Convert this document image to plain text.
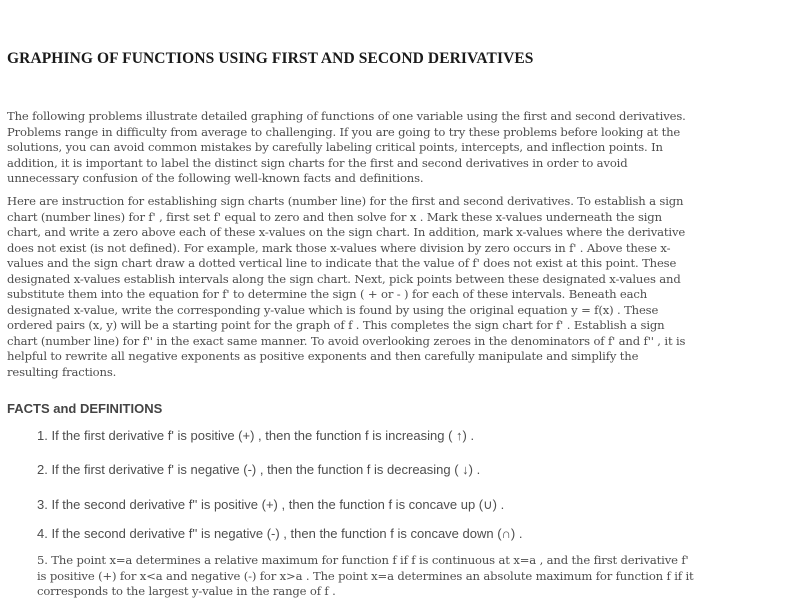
GRAPHING OF FUNCTIONS USING FIRST AND SECOND DERIVATIVES

The following problems illustrate detailed graphing of functions of one variable using the first and second derivatives.
Problems range in difficulty from average to challenging. If you are going to try these problems before looking at the
solutions, you can avoid common mistakes by carefully labeling critical points, intercepts, and inflection points. In
addition, it is important to label the distinct sign charts for the first and second derivatives in order to avoid
unnecessary confusion of the following well-known facts and definitions.

Here are instruction for establishing sign charts (number line) for the first and second derivatives. To establish a sign
chart (number lines) for f' , first set f' equal to zero and then solve for x . Mark these x-values underneath the sign
chart, and write a zero above each of these x-values on the sign chart. In addition, mark x-values where the derivative
does not exist (is not defined). For example, mark those x-values where division by zero occurs in f' . Above these x-
values and the sign chart draw a dotted vertical line to indicate that the value of f' does not exist at this point. These
designated x-values establish intervals along the sign chart. Next, pick points between these designated x-values and
substitute them into the equation for f' to determine the sign ( + or - ) for each of these intervals. Beneath each
designated x-value, write the corresponding y-value which is found by using the original equation y = f(x) . These
ordered pairs (x, y) will be a starting point for the graph of f . This completes the sign chart for f' . Establish a sign
chart (number line) for f'' in the exact same manner. To avoid overlooking zeroes in the denominators of f' and f'' , it is
helpful to rewrite all negative exponents as positive exponents and then carefully manipulate and simplify the
resulting fractions.

FACTS and DEFINITIONS

1. If the first derivative f' is positive (+) , then the function f is increasing ( ↑) .

2. If the first derivative f' is negative (-) , then the function f is decreasing ( ↓) .

3. If the second derivative f'' is positive (+) , then the function f is concave up (∪) .

4. If the second derivative f'' is negative (-) , then the function f is concave down (∩) .

5. The point x=a determines a relative maximum for function f if f is continuous at x=a , and the first derivative f'
is positive (+) for x<a and negative (-) for x>a . The point x=a determines an absolute maximum for function f if it
corresponds to the largest y-value in the range of f .
